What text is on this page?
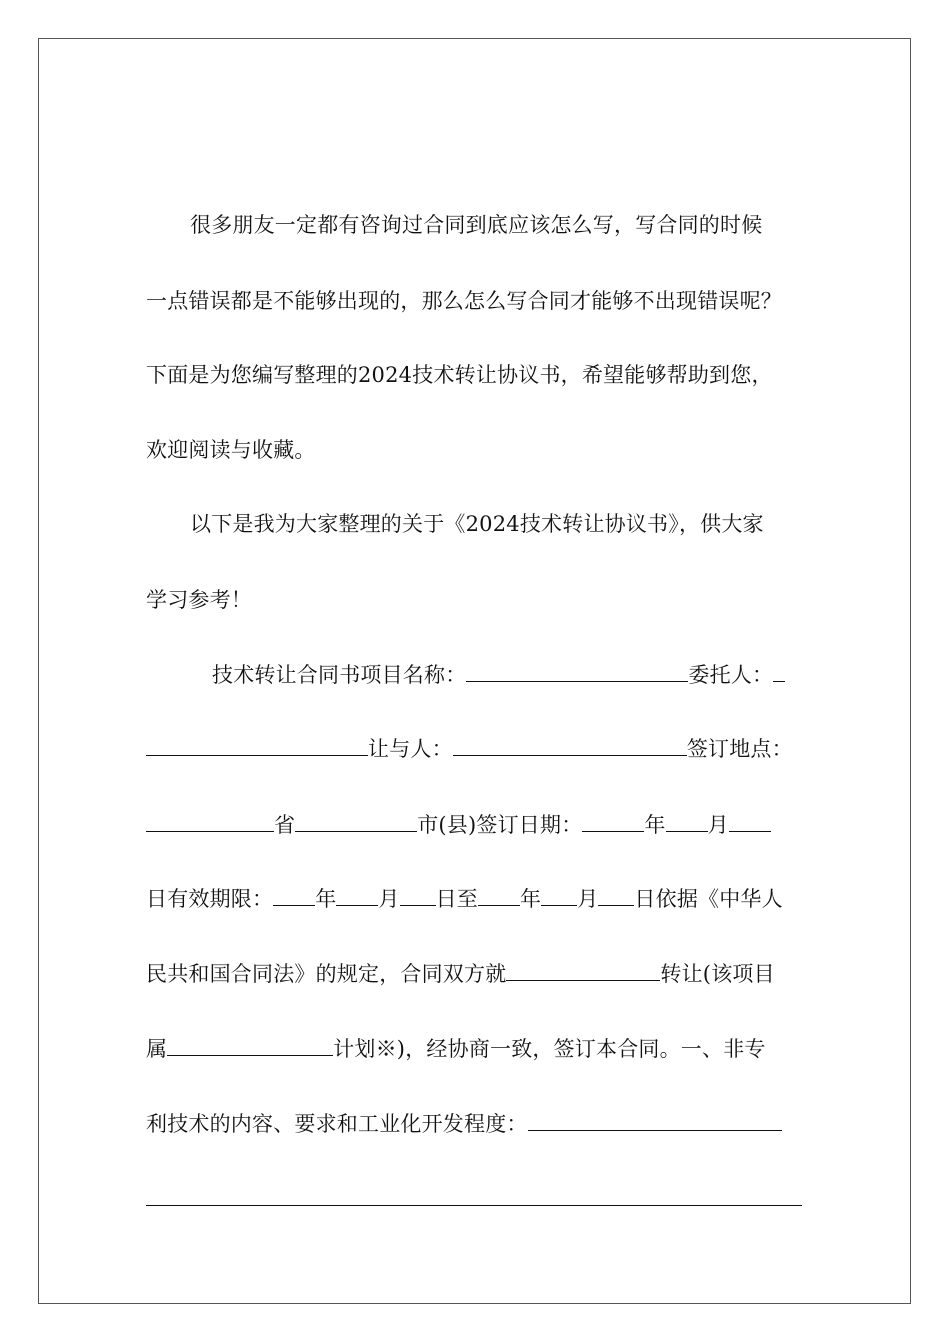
很多朋友一定都有咨询过合同到底应该怎么写，写合同的时候
一点错误都是不能够出现的，那么怎么写合同才能够不出现错误呢？
下面是为您编写整理的2024技术转让协议书，希望能够帮助到您，
欢迎阅读与收藏。
以下是我为大家整理的关于《2024技术转让协议书》，供大家
学习参考！
技术转让合同书项目名称：	委托人：
让与人：	签订地点：
省	市(县)签订日期：	年 月
日有效期限： 年 月 日至 年 月 日依据《中华人
民共和国合同法》的规定，合同双方就	转让(该项目
属	计划※)，经协商一致，签订本合同。一、非专
利技术的内容、要求和工业化开发程度：
